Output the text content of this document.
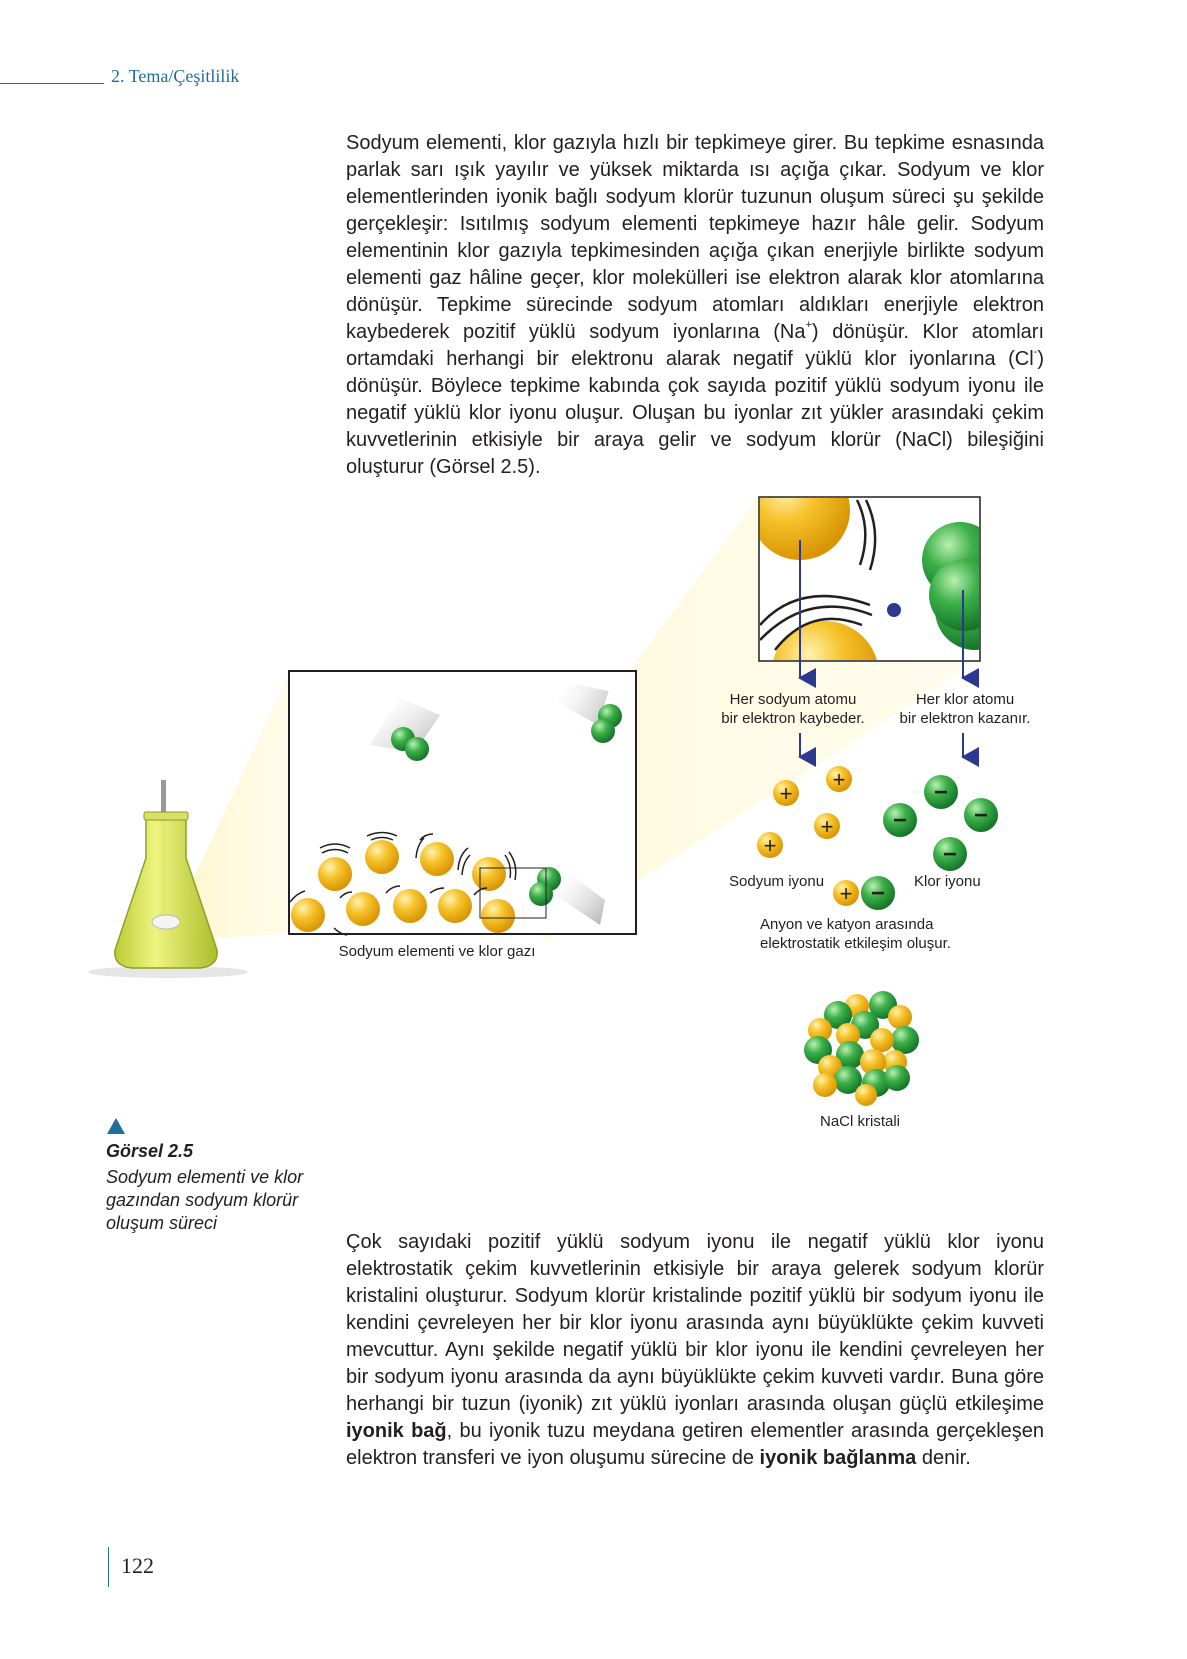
2. Tema/Çeşitlilik

Sodyum elementi, klor gazıyla hızlı bir tepkimeye girer. Bu tepkime esnasında parlak sarı ışık yayılır ve yüksek miktarda ısı açığa çıkar. Sodyum ve klor elementlerinden iyonik bağlı sodyum klorür tuzunun oluşum süreci şu şekilde gerçekleşir: Isıtılmış sodyum elementi tepkimeye hazır hâle gelir. Sodyum elementinin klor gazıyla tepkimesinden açığa çıkan enerjiyle birlikte sodyum elementi gaz hâline geçer, klor molekülleri ise elektron alarak klor atomlarına dönüşür. Tepkime sürecinde sodyum atomları aldıkları enerjiyle elektron kaybederek pozitif yüklü sodyum iyonlarına (Na+) dönüşür. Klor atomları ortamdaki herhangi bir elektronu alarak negatif yüklü klor iyonlarına (Cl-) dönüşür. Böylece tepkime kabında çok sayıda pozitif yüklü sodyum iyonu ile negatif yüklü klor iyonu oluşur. Oluşan bu iyonlar zıt yükler arasındaki çekim kuvvetlerinin etkisiyle bir araya gelir ve sodyum klorür (NaCl) bileşiğini oluşturur (Görsel 2.5).

Sodyum elementi ve klor gazı
Her sodyum atomu
bir elektron kaybeder.
Her klor atomu
bir elektron kazanır.
+
+
+
+
−
−	−
−
Sodyum iyonu	Klor iyonu
+ −
Anyon ve katyon arasında
elektrostatik etkileşim oluşur.
NaCl kristali
Görsel 2.5
Sodyum elementi ve klor gazından sodyum klorür oluşum süreci

Çok sayıdaki pozitif yüklü sodyum iyonu ile negatif yüklü klor iyonu elektrostatik çekim kuvvetlerinin etkisiyle bir araya gelerek sodyum klorür kristalini oluşturur. Sodyum klorür kristalinde pozitif yüklü bir sodyum iyonu ile kendini çevreleyen her bir klor iyonu arasında aynı büyüklükte çekim kuvveti mevcuttur. Aynı şekilde negatif yüklü bir klor iyonu ile kendini çevreleyen her bir sodyum iyonu arasında da aynı büyüklükte çekim kuvveti vardır. Buna göre herhangi bir tuzun (iyonik) zıt yüklü iyonları arasında oluşan güçlü etkileşime iyonik bağ, bu iyonik tuzu meydana getiren elementler arasında gerçekleşen elektron transferi ve iyon oluşumu sürecine de iyonik bağlanma denir.

122
